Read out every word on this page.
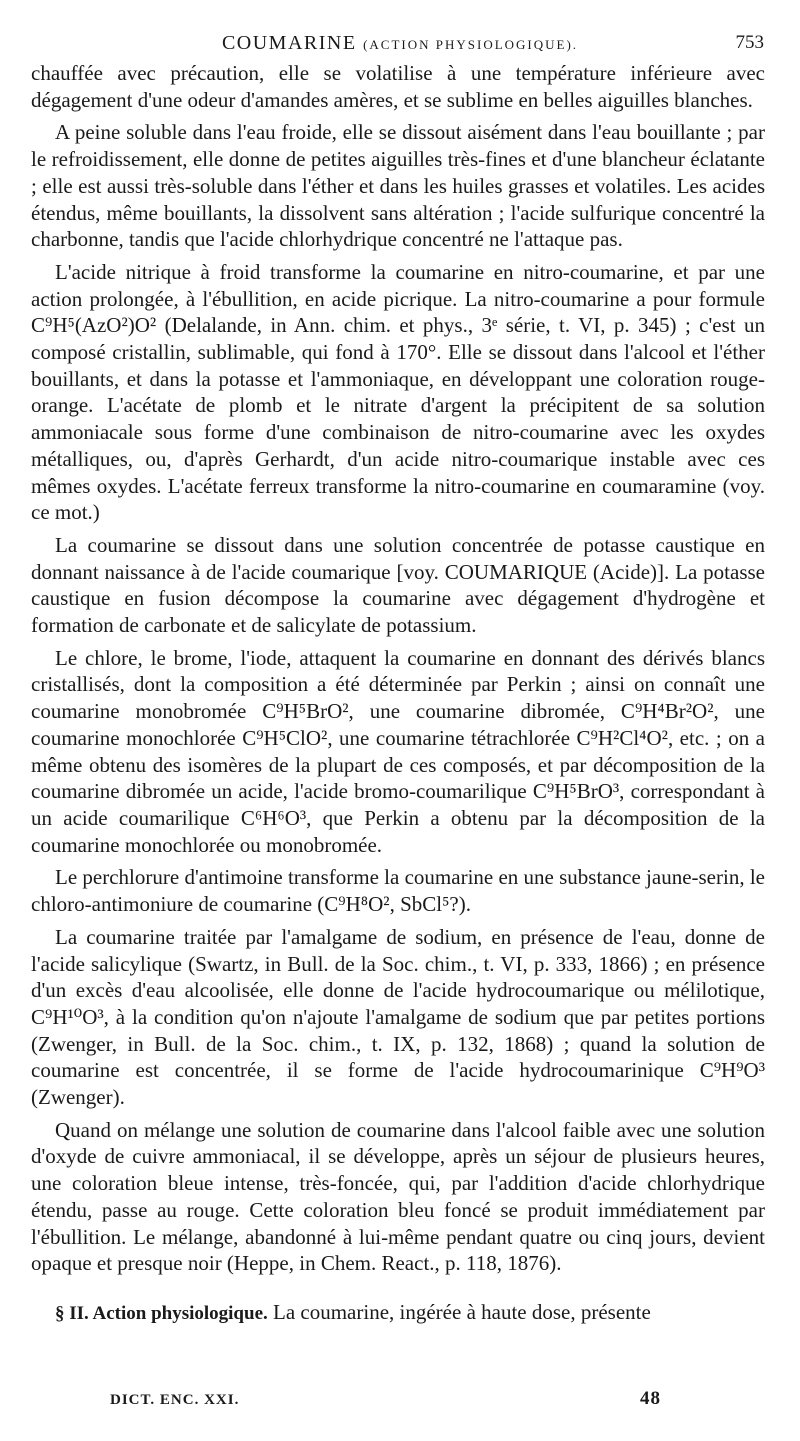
COUMARINE (ACTION PHYSIOLOGIQUE).	753

chauffée avec précaution, elle se volatilise à une température inférieure avec dégagement d'une odeur d'amandes amères, et se sublime en belles aiguilles blanches.

A peine soluble dans l'eau froide, elle se dissout aisément dans l'eau bouillante ; par le refroidissement, elle donne de petites aiguilles très-fines et d'une blancheur éclatante ; elle est aussi très-soluble dans l'éther et dans les huiles grasses et volatiles. Les acides étendus, même bouillants, la dissolvent sans altération ; l'acide sulfurique concentré la charbonne, tandis que l'acide chlorhydrique concentré ne l'attaque pas.

L'acide nitrique à froid transforme la coumarine en nitro-coumarine, et par une action prolongée, à l'ébullition, en acide picrique. La nitro-coumarine a pour formule C⁹H⁵(AzO²)O² (Delalande, in Ann. chim. et phys., 3ᵉ série, t. VI, p. 345) ; c'est un composé cristallin, sublimable, qui fond à 170°. Elle se dissout dans l'alcool et l'éther bouillants, et dans la potasse et l'ammoniaque, en développant une coloration rouge-orange. L'acétate de plomb et le nitrate d'argent la précipitent de sa solution ammoniacale sous forme d'une combinaison de nitro-coumarine avec les oxydes métalliques, ou, d'après Gerhardt, d'un acide nitro-coumarique instable avec ces mêmes oxydes. L'acétate ferreux transforme la nitro-coumarine en coumaramine (voy. ce mot.)

La coumarine se dissout dans une solution concentrée de potasse caustique en donnant naissance à de l'acide coumarique [voy. COUMARIQUE (Acide)]. La potasse caustique en fusion décompose la coumarine avec dégagement d'hydrogène et formation de carbonate et de salicylate de potassium.

Le chlore, le brome, l'iode, attaquent la coumarine en donnant des dérivés blancs cristallisés, dont la composition a été déterminée par Perkin ; ainsi on connaît une coumarine monobromée C⁹H⁵BrO², une coumarine dibromée, C⁹H⁴Br²O², une coumarine monochlorée C⁹H⁵ClO², une coumarine tétrachlorée C⁹H²Cl⁴O², etc. ; on a même obtenu des isomères de la plupart de ces composés, et par décomposition de la coumarine dibromée un acide, l'acide bromo-coumarilique C⁹H⁵BrO³, correspondant à un acide coumarilique C⁶H⁶O³, que Perkin a obtenu par la décomposition de la coumarine monochlorée ou monobromée.

Le perchlorure d'antimoine transforme la coumarine en une substance jaune-serin, le chloro-antimoniure de coumarine (C⁹H⁸O², SbCl⁵?).

La coumarine traitée par l'amalgame de sodium, en présence de l'eau, donne de l'acide salicylique (Swartz, in Bull. de la Soc. chim., t. VI, p. 333, 1866) ; en présence d'un excès d'eau alcoolisée, elle donne de l'acide hydrocoumarique ou mélilotique, C⁹H¹⁰O³, à la condition qu'on n'ajoute l'amalgame de sodium que par petites portions (Zwenger, in Bull. de la Soc. chim., t. IX, p. 132, 1868) ; quand la solution de coumarine est concentrée, il se forme de l'acide hydrocoumarinique C⁹H⁹O³ (Zwenger).

Quand on mélange une solution de coumarine dans l'alcool faible avec une solution d'oxyde de cuivre ammoniacal, il se développe, après un séjour de plusieurs heures, une coloration bleue intense, très-foncée, qui, par l'addition d'acide chlorhydrique étendu, passe au rouge. Cette coloration bleu foncé se produit immédiatement par l'ébullition. Le mélange, abandonné à lui-même pendant quatre ou cinq jours, devient opaque et presque noir (Heppe, in Chem. React., p. 118, 1876).

§ II. Action physiologique. La coumarine, ingérée à haute dose, présente

DICT. ENC. XXI.	48
